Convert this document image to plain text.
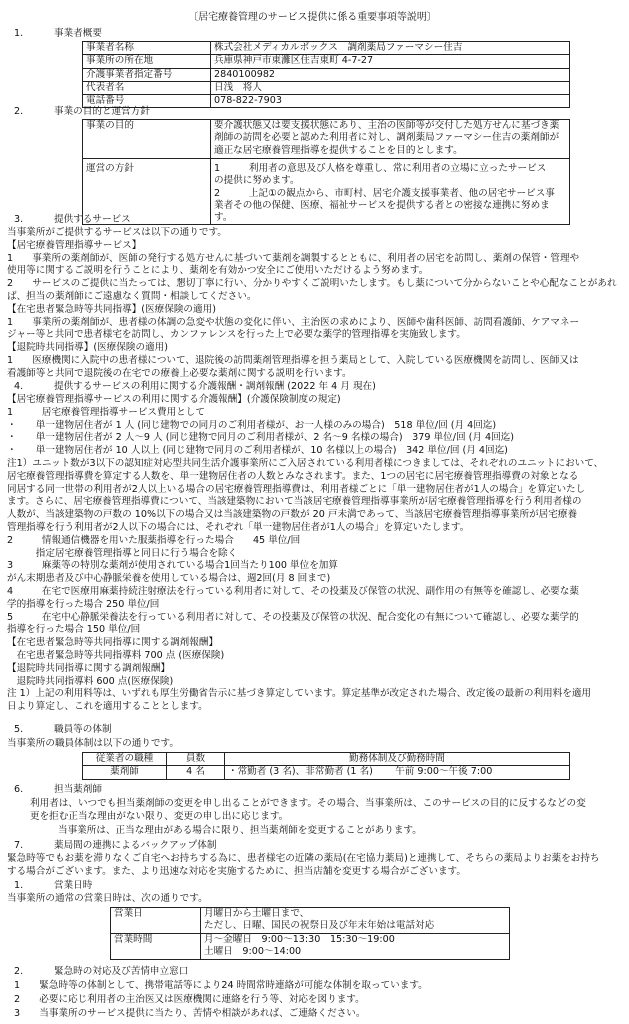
〔居宅療養管理のサービス提供に係る重要事項等説明〕
1.	事業者概要
事業者名称	株式会社メディカルボックス　調剤薬局ファーマシー住吉
事業所の所在地	兵庫県神戸市東灘区住吉東町 4-7-27
介護事業者指定番号	2840100982
代表者名	日浅　将人
電話番号	078-822-7903
2.	事業の目的と運営方針
事業の目的	要介護状態又は要支援状態にあり、主治の医師等が交付した処方せんに基づき薬
剤師の訪問を必要と認めた利用者に対し、調剤薬局ファーマシー住吉の薬剤師が
適正な居宅療養管理指導を提供することを目的とします。

運営の方針	1　　　利用者の意思及び人格を尊重し、常に利用者の立場に立ったサービス
の提供に努めます。
2　　　上記①の観点から、市町村、居宅介護支援事業者、他の居宅サービス事
業者その他の保健、医療、福祉サービスを提供する者との密接な連携に努めます。
3.	提供するサービス
当事業所がご提供するサービスは以下の通りです。
【居宅療養管理指導サービス】
1　　事業所の薬剤師が、医師の発行する処方せんに基づいて薬剤を調製するとともに、利用者の居宅を訪問し、薬剤の保管・管理や
使用等に関するご説明を行うことにより、薬剤を有効かつ安全にご使用いただけるよう努めます。
2　　サービスのご提供に当たっては、懇切丁寧に行い、分かりやすくご説明いたします。もし薬について分からないことや心配なことがあれ
ば、担当の薬剤師にご遠慮なく質問・相談してください。
【在宅患者緊急時等共同指導】(医療保険の適用)
1　　事業所の薬剤師が、患者様の体調の急変や状態の変化に伴い、主治医の求めにより、医師や歯科医師、訪問看護師、ケアマネー
ジャー等と共同で患者様宅を訪問し、カンファレンスを行った上で必要な薬学的管理指導を実施致します。
【退院時共同指導】(医療保険の適用)
1　　医療機関に入院中の患者様について、退院後の訪問薬剤管理指導を担う薬局として、入院している医療機関を訪問し、医師又は
看護師等と共同で退院後の在宅での療養上必要な薬剤に関する説明を行います。
4.	提供するサービスの利用に関する介護報酬・調剤報酬 (2022 年 4 月 現在)
【居宅療養管理指導サービスの利用に関する介護報酬】(介護保険制度の規定)
1　　　居宅療養管理指導サービス費用として
・　　単一建物居住者が 1 人 (同じ建物での同月のご利用者様が、お一人様のみの場合)　518 単位/回 (月 4回迄)
・　　単一建物居住者が 2 人～9 人 (同じ建物で同月のご利用者様が、2 名～9 名様の場合)　379 単位/回 (月 4回迄)
・　　単一建物居住者が 10 人以上 (同じ建物で同月のご利用者様が、10 名様以上の場合)　342 単位/回 (月 4回迄)
注1）ユニット数が3以下の認知症対応型共同生活介護事業所にご入居されている利用者様につきましては、それぞれのユニットにおいて、
居宅療養管理指導費を算定する人数を、単一建物居住者の人数とみなされます。また、1つの居宅に居宅療養管理指導費の対象となる
同居する同一世帯の利用者が2人以上いる場合の居宅療養管理指導費は、利用者様ごとに「単一建物居住者が1人の場合」を算定いたし
ます。さらに、居宅療養管理指導費について、当該建築物において当該居宅療養管理指導事業所が居宅療養管理指導を行う利用者様の
人数が、当該建築物の戸数の 10%以下の場合又は当該建築物の戸数が 20 戸未満であって、当該居宅療養管理指導事業所が居宅療養
管理指導を行う利用者が2人以下の場合には、それぞれ「単一建物居住者が1人の場合」を算定いたします。
2　　　情報通信機器を用いた服薬指導を行った場合　　45 単位/回
　　　指定居宅療養管理指導と同日に行う場合を除く
3　　　麻薬等の特別な薬剤が使用されている場合1回当たり100 単位を加算
がん末期患者及び中心静脈栄養を使用している場合は、週2回(月 8 回まで)
4　　　在宅で医療用麻薬持続注射療法を行っている利用者に対して、その投薬及び保管の状況、副作用の有無等を確認し、必要な薬
学的指導を行った場合 250 単位/回
5　　　在宅中心静脈栄養法を行っている利用者に対して、その投薬及び保管の状況、配合変化の有無について確認し、必要な薬学的
指導を行った場合 150 単位/回
【在宅患者緊急時等共同指導に関する調剤報酬】
　在宅患者緊急時等共同指導料 700 点 (医療保険)
【退院時共同指導に関する調剤報酬】
　退院時共同指導料 600 点(医療保険)
注 1）上記の利用料等は、いずれも厚生労働省告示に基づき算定しています。算定基準が改定された場合、改定後の最新の利用料を適用
日より算定し、これを適用することとします。
5.	職員等の体制
当事業所の職員体制は以下の通りです。
従業者の職種	員数	勤務体制及び勤務時間
薬剤師	4 名	・常勤者 (3 名)、非常勤者 (1 名)　　 午前 9:00～午後 7:00
6.	担当薬剤師
利用者は、いつでも担当薬剤師の変更を申し出ることができます。その場合、当事業所は、このサービスの目的に反するなどの変
更を拒む正当な理由がない限り、変更の申し出に応じます。
当事業所は、正当な理由がある場合に限り、担当薬剤師を変更することがあります。
7.	薬局間の連携によるバックアップ体制
緊急時等でもお薬を滞りなくご自宅へお持ちする為に、患者様宅の近隣の薬局(在宅協力薬局)と連携して、そちらの薬局よりお薬をお持ち
する場合がございます。また、より迅速な対応を実施するために、担当店舗を変更する場合がございます。
1.	営業日時
当事業所の通常の営業日時は、次の通りです。
営業日	月曜日から土曜日まで、
ただし、日曜、国民の祝祭日及び年末年始は電話対応

営業時間	月～金曜日　9:00～13:30　15:30～19:00
土曜日　9:00～14:00
2.	緊急時の対応及び苦情申立窓口
1　　緊急時等の体制として、携帯電話等により24 時間常時連絡が可能な体制を取っています。
2　　必要に応じ利用者の主治医又は医療機関に連絡を行う等、対応を図ります。
3　　当事業所のサービス提供に当たり、苦情や相談があれば、ご連絡ください。
